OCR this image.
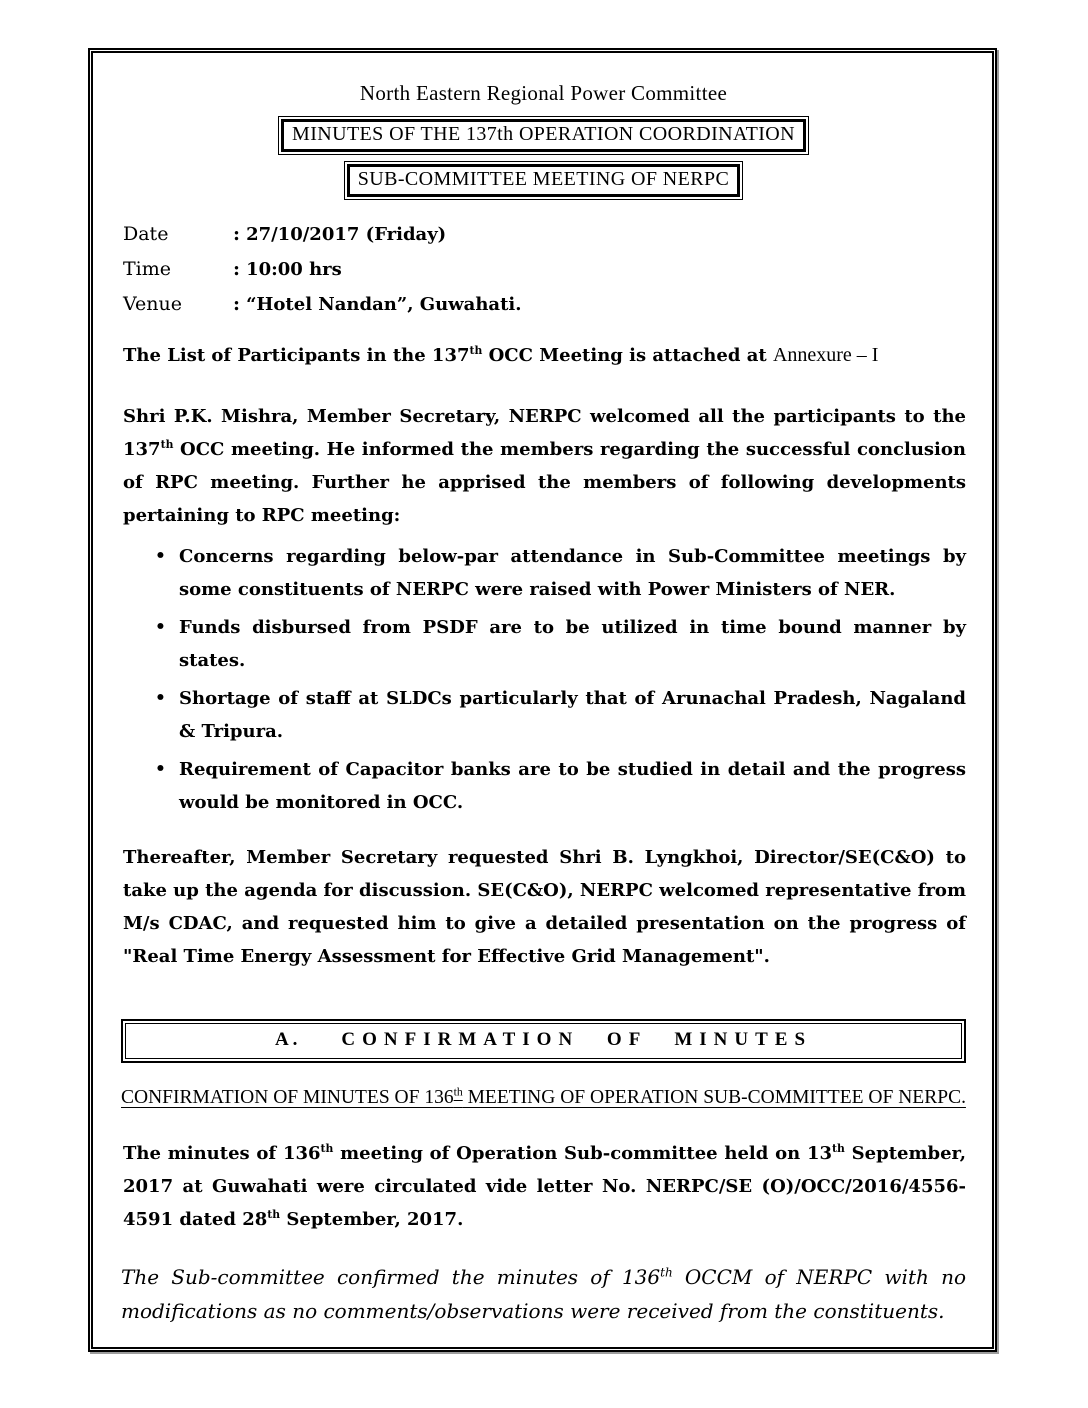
North Eastern Regional Power Committee
MINUTES OF THE 137th OPERATION COORDINATION
SUB-COMMITTEE MEETING OF NERPC
Date	: 27/10/2017 (Friday)
Time	: 10:00 hrs
Venue	: “Hotel Nandan”, Guwahati.
The List of Participants in the 137th OCC Meeting is attached at Annexure – I
Shri P.K. Mishra, Member Secretary, NERPC welcomed all the participants to the 137th OCC meeting. He informed the members regarding the successful conclusion of RPC meeting. Further he apprised the members of following developments pertaining to RPC meeting:
• Concerns regarding below-par attendance in Sub-Committee meetings by some constituents of NERPC were raised with Power Ministers of NER.
• Funds disbursed from PSDF are to be utilized in time bound manner by states.
• Shortage of staff at SLDCs particularly that of Arunachal Pradesh, Nagaland & Tripura.
• Requirement of Capacitor banks are to be studied in detail and the progress would be monitored in OCC.
Thereafter, Member Secretary requested Shri B. Lyngkhoi, Director/SE(C&O) to take up the agenda for discussion. SE(C&O), NERPC welcomed representative from M/s CDAC, and requested him to give a detailed presentation on the progress of "Real Time Energy Assessment for Effective Grid Management".
A. CONFIRMATION OF MINUTES
CONFIRMATION OF MINUTES OF 136th MEETING OF OPERATION SUB-COMMITTEE OF NERPC.
The minutes of 136th meeting of Operation Sub-committee held on 13th September, 2017 at Guwahati were circulated vide letter No. NERPC/SE (O)/OCC/2016/4556-4591 dated 28th September, 2017.
The Sub-committee confirmed the minutes of 136th OCCM of NERPC with no modifications as no comments/observations were received from the constituents.
